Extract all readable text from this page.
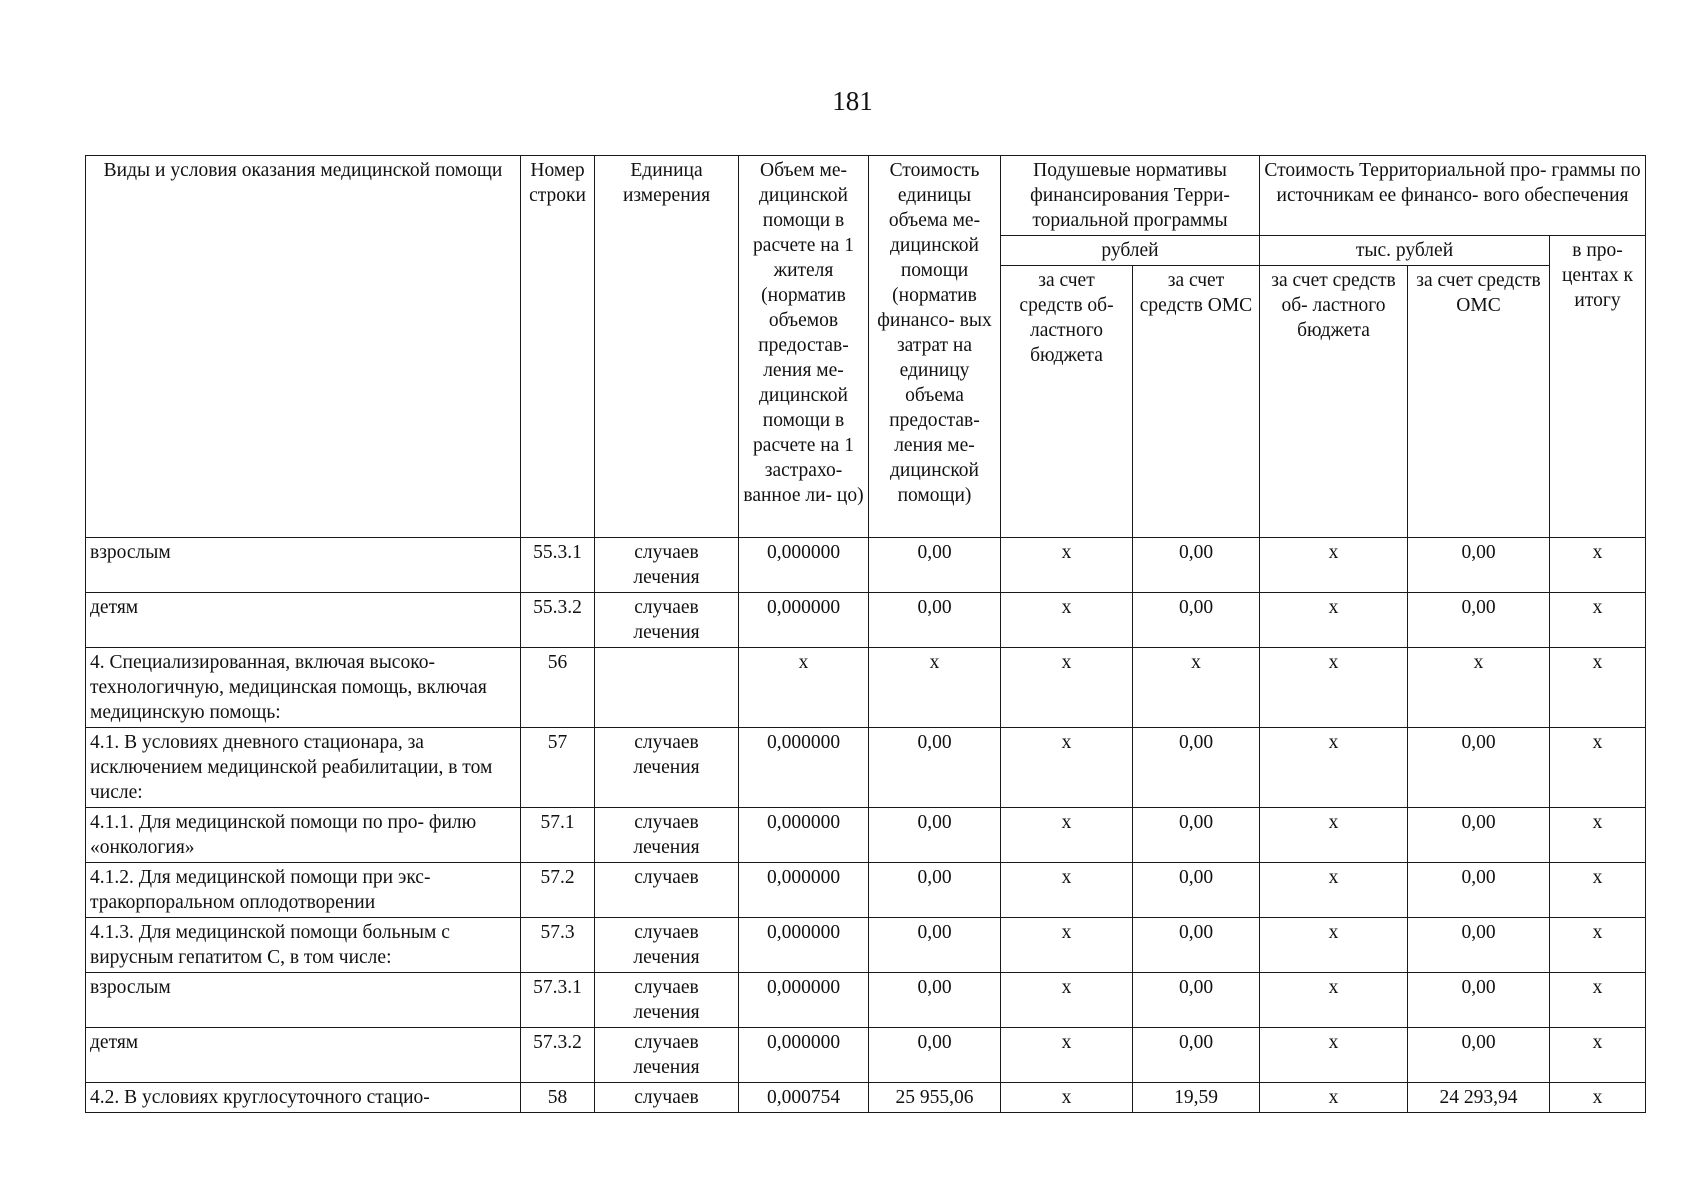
181
Виды и условия оказания медицинской помощи	Номер строки	Единица измерения	Объем ме- дицинской помощи в расчете на 1 жителя (норматив объемов предостав- ления ме- дицинской помощи в расчете на 1 застрахо- ванное ли- цо)	Стоимость единицы объема ме- дицинской помощи (норматив финансо- вых затрат на единицу объема предостав- ления ме- дицинской помощи)	Подушевые нормативы финансирования Терри- ториальной программы		Стоимость Территориальной про- граммы по источникам ее финансо- вого обеспечения		
					рублей		тыс. рублей		в про- центах к итогу
					за счет средств об- ластного бюджета	за счет средств ОМС	за счет средств об- ластного бюджета	за счет средств ОМС	
взрослым	55.3.1	случаев лечения	0,000000	0,00	x	0,00	x	0,00	x
детям	55.3.2	случаев лечения	0,000000	0,00	x	0,00	x	0,00	x
4. Специализированная, включая высоко- технологичную, медицинская помощь, включая медицинскую помощь:	56		x	x	x	x	x	x	x
4.1. В условиях дневного стационара, за исключением медицинской реабилитации, в том числе:	57	случаев лечения	0,000000	0,00	x	0,00	x	0,00	x
4.1.1. Для медицинской помощи по про- филю «онкология»	57.1	случаев лечения	0,000000	0,00	x	0,00	x	0,00	x
4.1.2. Для медицинской помощи при экс- тракорпоральном оплодотворении	57.2	случаев	0,000000	0,00	x	0,00	x	0,00	x
4.1.3. Для медицинской помощи больным с вирусным гепатитом С, в том числе:	57.3	случаев лечения	0,000000	0,00	x	0,00	x	0,00	x
взрослым	57.3.1	случаев лечения	0,000000	0,00	x	0,00	x	0,00	x
детям	57.3.2	случаев лечения	0,000000	0,00	x	0,00	x	0,00	x
4.2. В условиях круглосуточного стацио-	58	случаев	0,000754	25 955,06	x	19,59	x	24 293,94	x
